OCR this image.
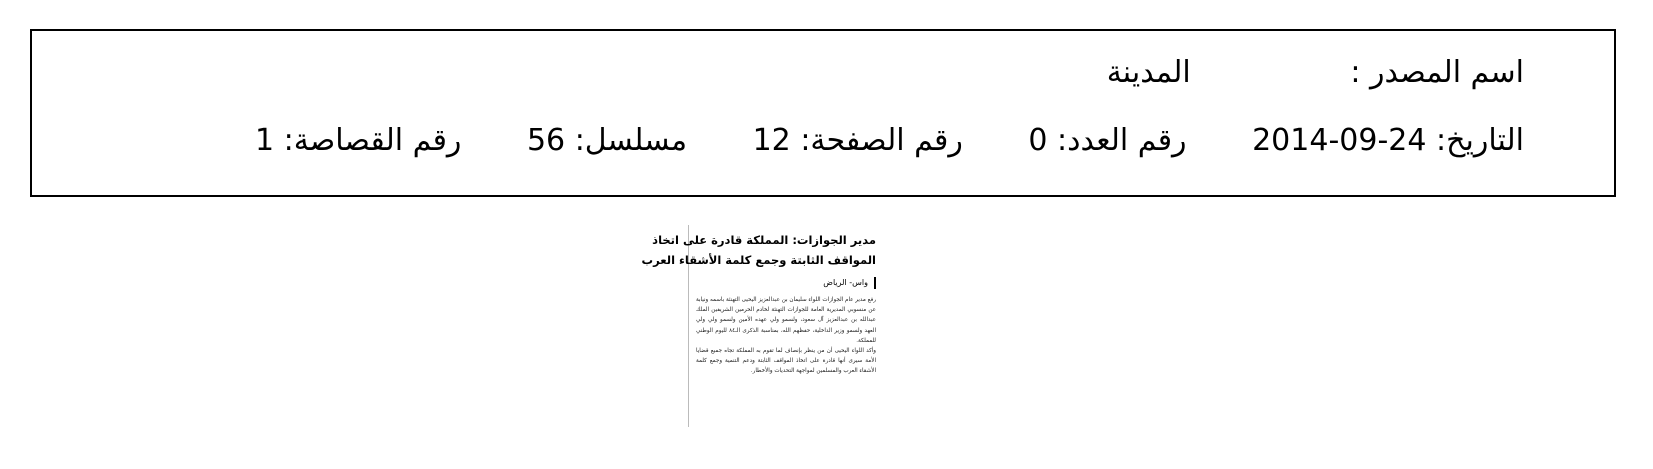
اسم المصدر : المدينة
التاريخ: 24-09-2014 رقم العدد: 0 رقم الصفحة: 12 مسلسل: 56 رقم القصاصة: 1
مدير الجوازات: المملكة قادرة على اتخاذ
المواقف الثابتة وجمع كلمة الأشقاء العرب
واس- الرياض

رفع مدير عام الجوازات اللواء سليمان بن عبدالعزيز اليحيى التهنئة باسمه ونيابة عن منسوبي المديرية العامة للجوازات التهنئة لخادم الحرمين الشريفين الملك عبدالله بن عبدالعزيز آل سعود، ولسمو ولي عهده الأمين ولسمو ولي ولي العهد ولسمو وزير الداخلية، حفظهم الله، بمناسبة الذكرى الـ٨٤ لليوم الوطني للمملكة.

وأكد اللواء اليحيى أن من ينظر بإنصاف لما تقوم به المملكة تجاه جميع قضايا الأمة سيرى أنها قادرة على اتخاذ المواقف الثابتة ودعم التنمية وجمع كلمة الأشقاء العرب والمسلمين لمواجهة التحديات والأخطار.
